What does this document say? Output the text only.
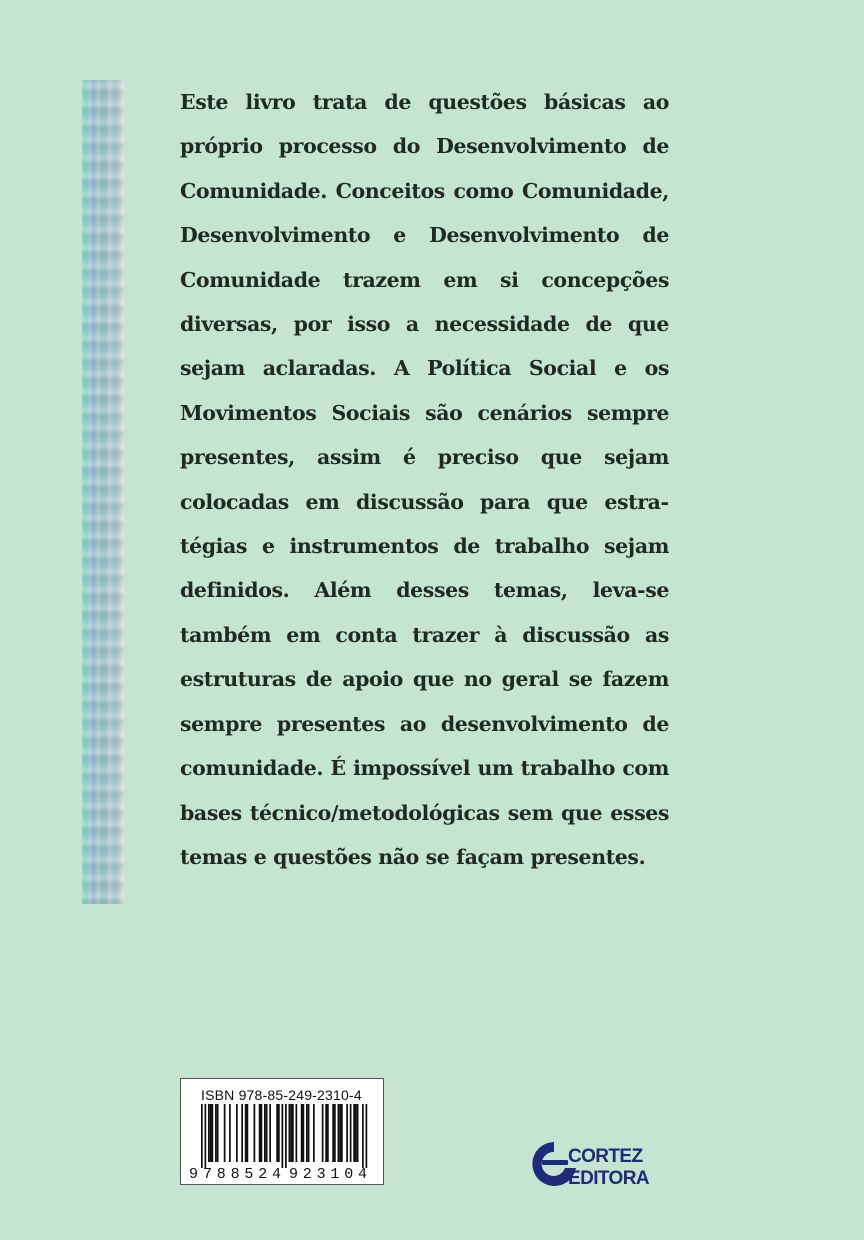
Este livro trata de questões básicas ao próprio processo do Desenvolvimento de Comunidade. Conceitos como Comunidade, Desenvolvimento e Desenvolvimento de Comunidade trazem em si concepções diversas, por isso a necessidade de que sejam aclaradas. A Política Social e os Movimentos Sociais são cenários sempre presentes, assim é preciso que sejam colocadas em discussão para que estratégias e instrumentos de trabalho sejam definidos. Além desses temas, leva-se também em conta trazer à discussão as estruturas de apoio que no geral se fazem sempre presentes ao desenvolvimento de comunidade. É impossível um trabalho com bases técnico/metodológicas sem que esses temas e questões não se façam presentes.

ISBN 978-85-249-2310-4
9 788524 923104
CORTEZ
EDITORA
